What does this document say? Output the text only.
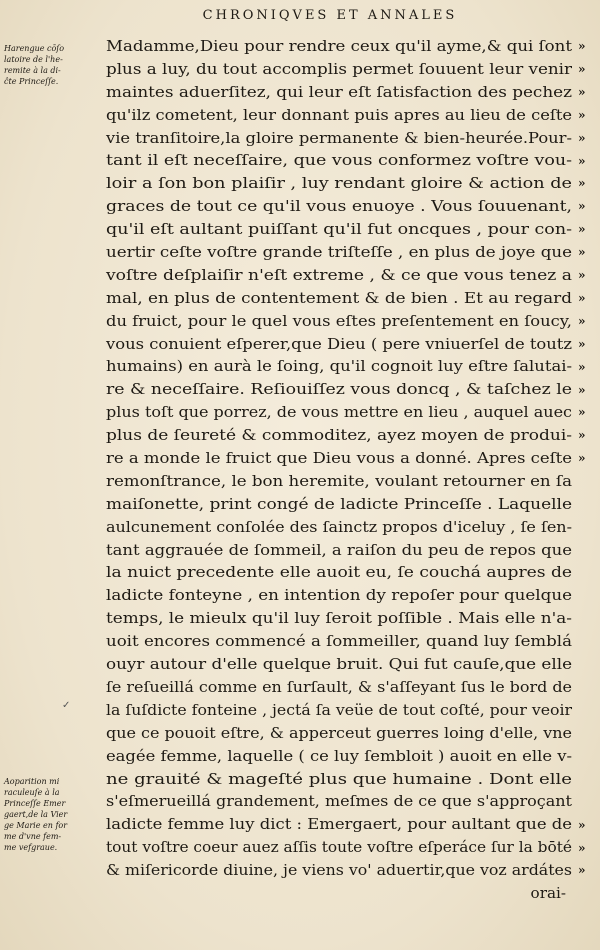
CHRONIQVES ET ANNALES
Harengue cōſo
latoire de l'he-
remite à la di-
ĉte Princeſſe.
Aoparition mi
raculeuſe à la
Princeſſe Emer
gaert,de la Vier
ge Marie en for
me d'vne fem-
me vefgraue.
Madamme,Dieu pour rendre ceux qu'il ayme,& qui ſont
plus a luy, du tout accomplis permet ſouuent leur venir
maintes aduerſitez, qui leur eſt ſatisfaction des pechez
qu'ilz cometent, leur donnant puis apres au lieu de ceſte
vie tranſitoire,la gloire permanente & bien-heurée.Pour-
tant il eſt neceſſaire, que vous conformez voſtre vou-
loir a ſon bon plaiſir , luy rendant gloire & action de
graces de tout ce qu'il vous enuoye . Vous ſouuenant,
qu'il eſt aultant puiſſant qu'il fut oncques , pour con-
uertir ceſte voſtre grande triſteſſe , en plus de joye que
voſtre deſplaiſir n'eſt extreme , & ce que vous tenez a
mal, en plus de contentement & de bien . Et au regard
du fruict, pour le quel vous eſtes preſentement en ſoucy,
vous conuient eſperer,que Dieu ( pere vniuerſel de toutz
humains) en aurà le ſoing, qu'il cognoit luy eſtre ſalutai-
re & neceſſaire. Reſiouiſſez vous doncq , & taſchez le
plus toſt que porrez, de vous mettre en lieu , auquel auec
plus de ſeureté & commoditez, ayez moyen de produi-
re a monde le fruict que Dieu vous a donné. Apres ceſte
remonſtrance, le bon heremite, voulant retourner en ſa
maiſonette, print congé de ladicte Princeſſe . Laquelle
aulcunement conſolée des ſainctz propos d'iceluy , ſe ſen-
tant aggrauée de ſommeil, a raiſon du peu de repos que
la nuict precedente elle auoit eu, ſe couchá aupres de
ladicte fonteyne , en intention dy repoſer pour quelque
temps, le mieulx qu'il luy ſeroit poſſible . Mais elle n'a-
uoit encores commencé a ſommeiller, quand luy ſemblá
ouyr autour d'elle quelque bruit. Qui fut cauſe,que elle
ſe reſueillá comme en ſurſault, & s'aſſeyant ſus le bord de
la ſuſdicte fonteine , jectá ſa veüe de tout coſté, pour veoir
que ce pouoit eſtre, & apperceut guerres loing d'elle, vne
eagée femme, laquelle ( ce luy ſembloit ) auoit en elle v-
ne grauité & mageſté plus que humaine . Dont elle
s'eſmerueillá grandement, meſmes de ce que s'approçant
ladicte femme luy dict : Emergaert, pour aultant que de
tout voſtre coeur auez aſſis toute voſtre eſperáce ſur la bōté
& miſericorde diuine, je viens vo' aduertir,que voz ardátes
orai-
»
»
»
»
»
»
»
»
»
»
»
»
»
»
»
»
»
»
»
»
»
»
✓
